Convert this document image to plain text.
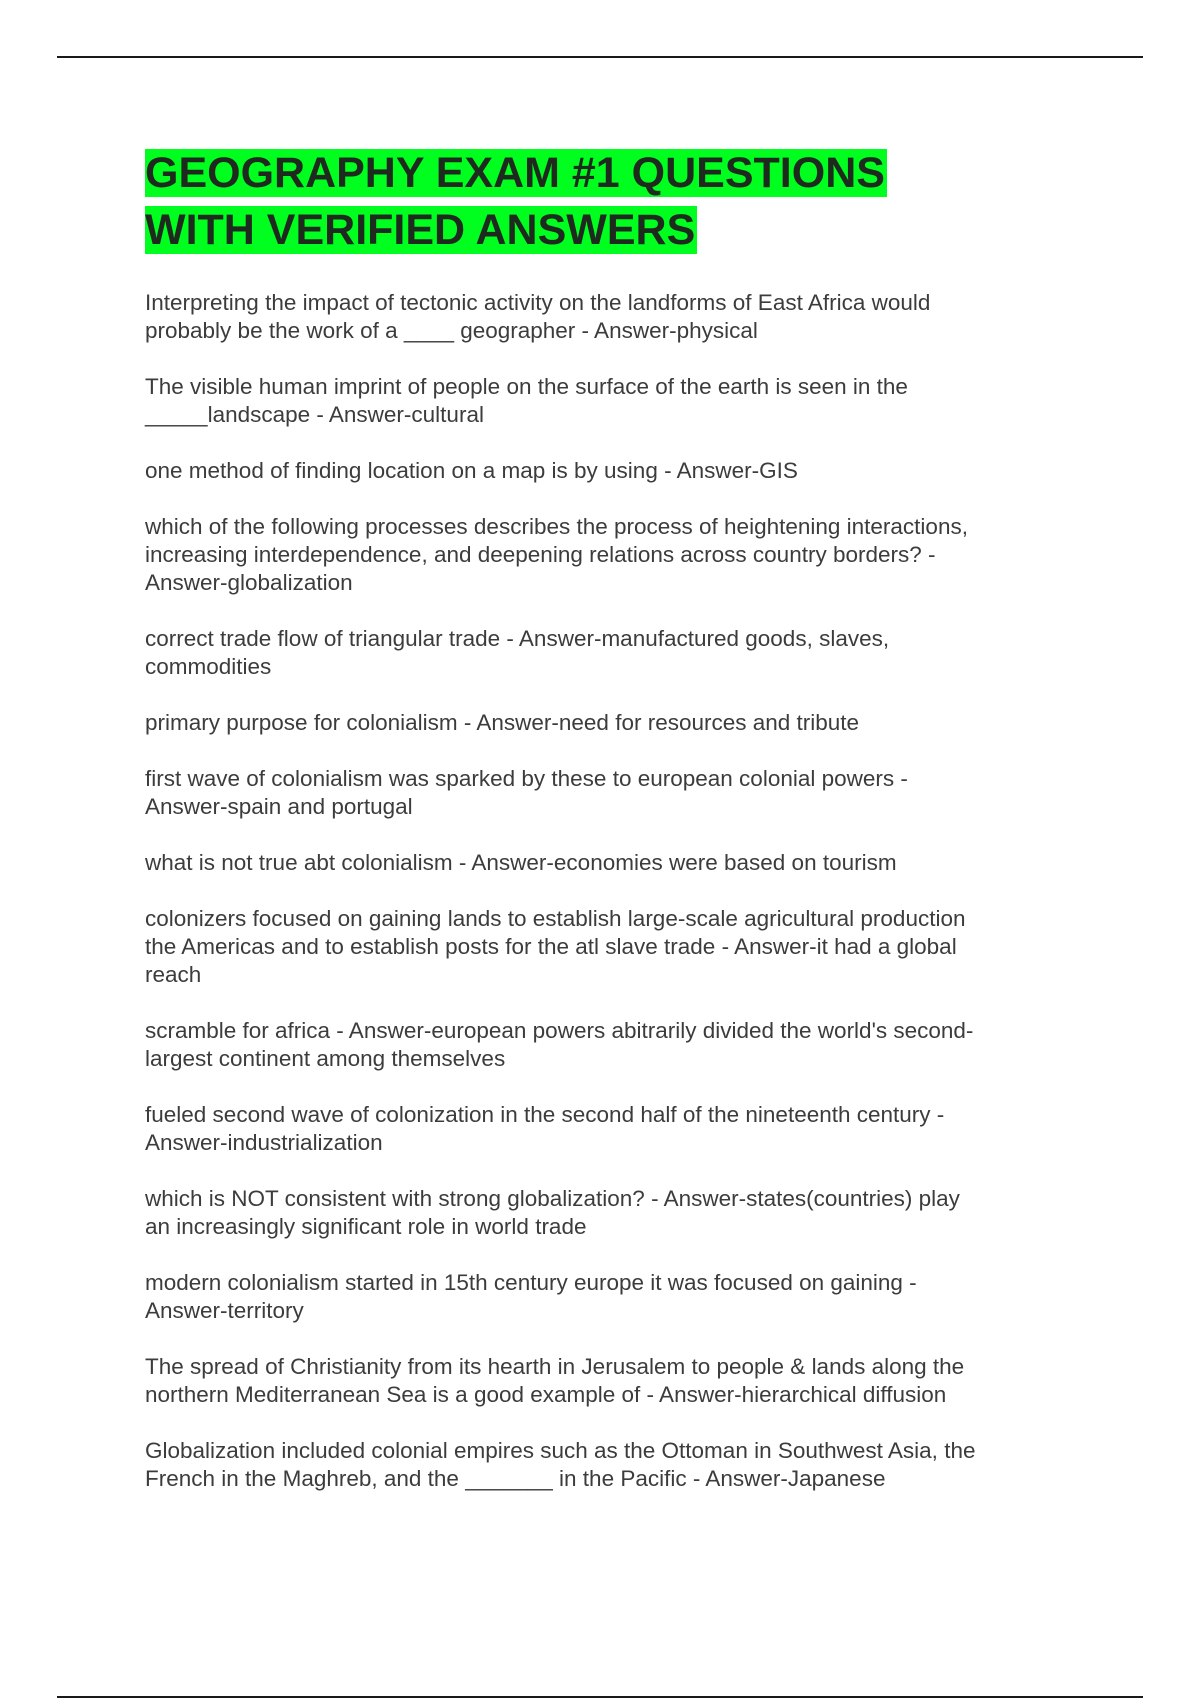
GEOGRAPHY EXAM #1 QUESTIONS
WITH VERIFIED ANSWERS

Interpreting the impact of tectonic activity on the landforms of East Africa would
probably be the work of a ____ geographer - Answer-physical

The visible human imprint of people on the surface of the earth is seen in the
_____landscape - Answer-cultural

one method of finding location on a map is by using - Answer-GIS

which of the following processes describes the process of heightening interactions,
increasing interdependence, and deepening relations across country borders? -
Answer-globalization

correct trade flow of triangular trade - Answer-manufactured goods, slaves,
commodities

primary purpose for colonialism - Answer-need for resources and tribute

first wave of colonialism was sparked by these to european colonial powers -
Answer-spain and portugal

what is not true abt colonialism - Answer-economies were based on tourism

colonizers focused on gaining lands to establish large-scale agricultural production
the Americas and to establish posts for the atl slave trade - Answer-it had a global
reach

scramble for africa - Answer-european powers abitrarily divided the world's second-
largest continent among themselves

fueled second wave of colonization in the second half of the nineteenth century -
Answer-industrialization

which is NOT consistent with strong globalization? - Answer-states(countries) play
an increasingly significant role in world trade

modern colonialism started in 15th century europe it was focused on gaining -
Answer-territory

The spread of Christianity from its hearth in Jerusalem to people & lands along the
northern Mediterranean Sea is a good example of - Answer-hierarchical diffusion

Globalization included colonial empires such as the Ottoman in Southwest Asia, the
French in the Maghreb, and the _______ in the Pacific - Answer-Japanese
